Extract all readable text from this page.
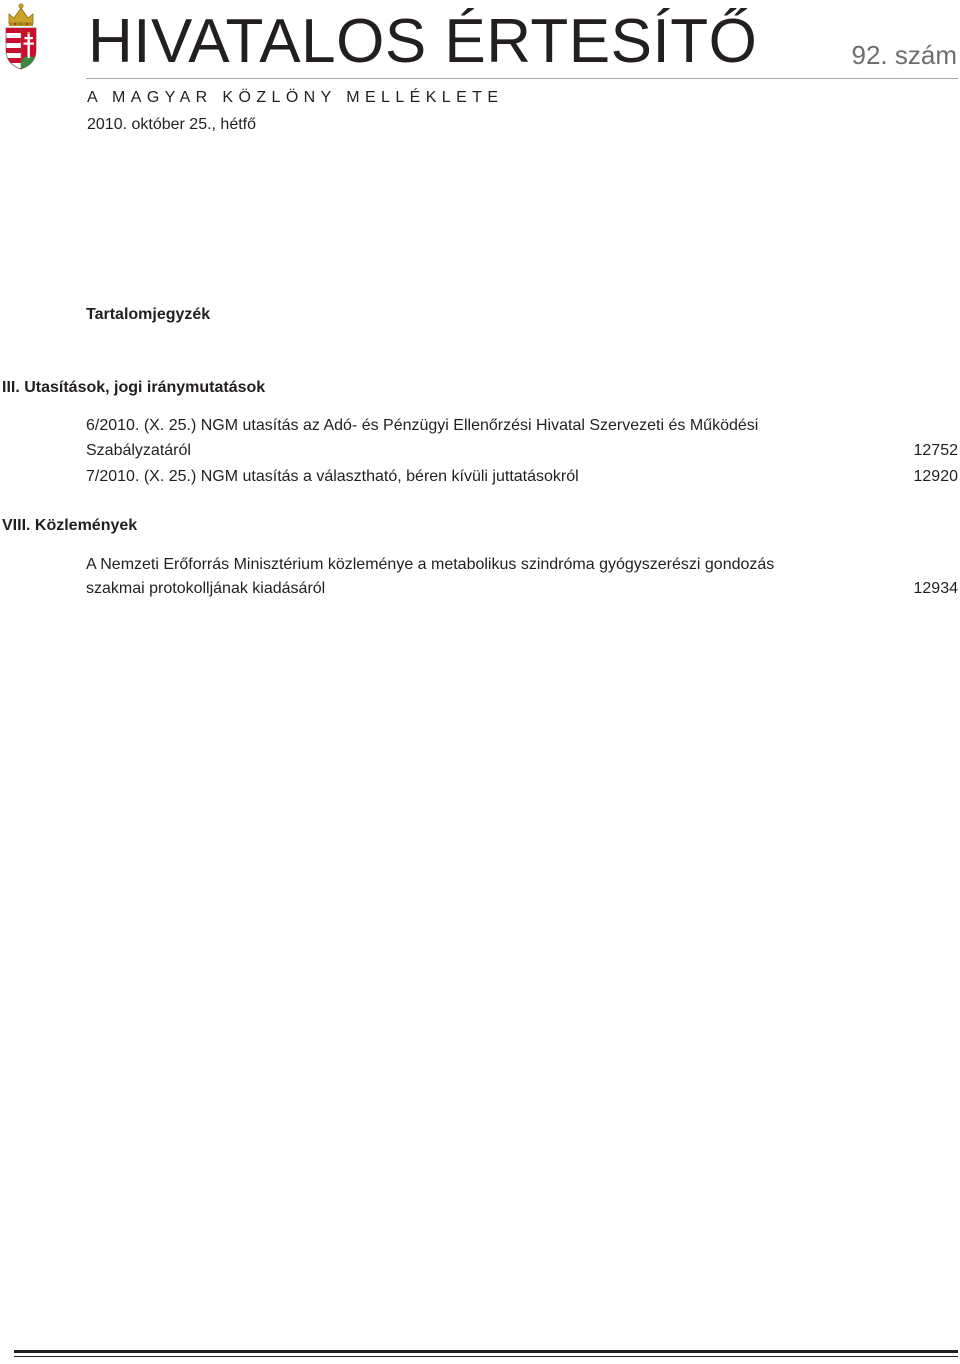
HIVATALOS ÉRTESÍTŐ	92. szám
A MAGYAR KÖZLÖNY MELLÉKLETE
2010. október 25., hétfő
Tartalomjegyzék
III. Utasítások, jogi iránymutatások
6/2010. (X. 25.) NGM utasítás az Adó- és Pénzügyi Ellenőrzési Hivatal Szervezeti és Működési
Szabályzatáról	12752
7/2010. (X. 25.) NGM utasítás a választható, béren kívüli juttatásokról	12920
VIII. Közlemények
A Nemzeti Erőforrás Minisztérium közleménye a metabolikus szindróma gyógyszerészi gondozás
szakmai protokolljának kiadásáról	12934
